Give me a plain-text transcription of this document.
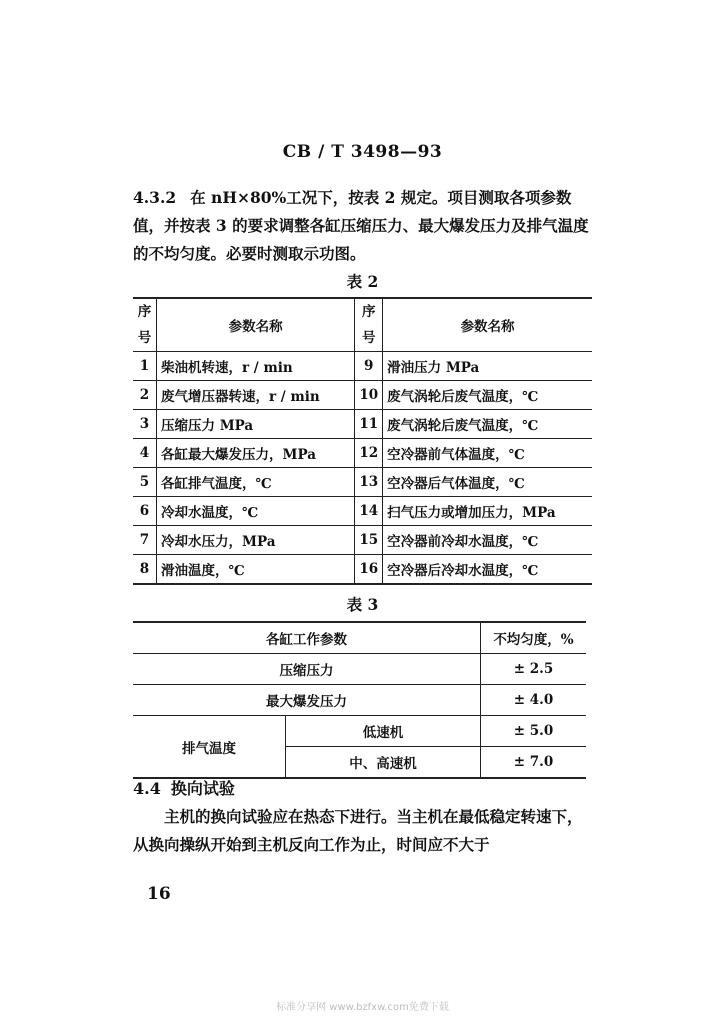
CB / T 3498—93
4.3.2 在 nH×80%工况下，按表 2 规定。项目测取各项参数值，并按表 3 的要求调整各缸压缩压力、最大爆发压力及排气温度的不均匀度。必要时测取示功图。
表 2
序号	参数名称	序号	参数名称
1	柴油机转速，r / min	9	滑油压力 MPa
2	废气增压器转速，r / min	10	废气涡轮后废气温度，℃
3	压缩压力 MPa	11	废气涡轮后废气温度，℃
4	各缸最大爆发压力，MPa	12	空冷器前气体温度，℃
5	各缸排气温度，℃	13	空冷器后气体温度，℃
6	冷却水温度，℃	14	扫气压力或增加压力，MPa
7	冷却水压力，MPa	15	空冷器前冷却水温度，℃
8	滑油温度，℃	16	空冷器后冷却水温度，℃
表 3
各缸工作参数		不均匀度，%
压缩压力		± 2.5
最大爆发压力		± 4.0
排气温度	低速机	± 5.0
	中、高速机	± 7.0
4.4 换向试验
主机的换向试验应在热态下进行。当主机在最低稳定转速下，从换向操纵开始到主机反向工作为止，时间应不大于
16
标准分享网 www.bzfxw.com免费下载
